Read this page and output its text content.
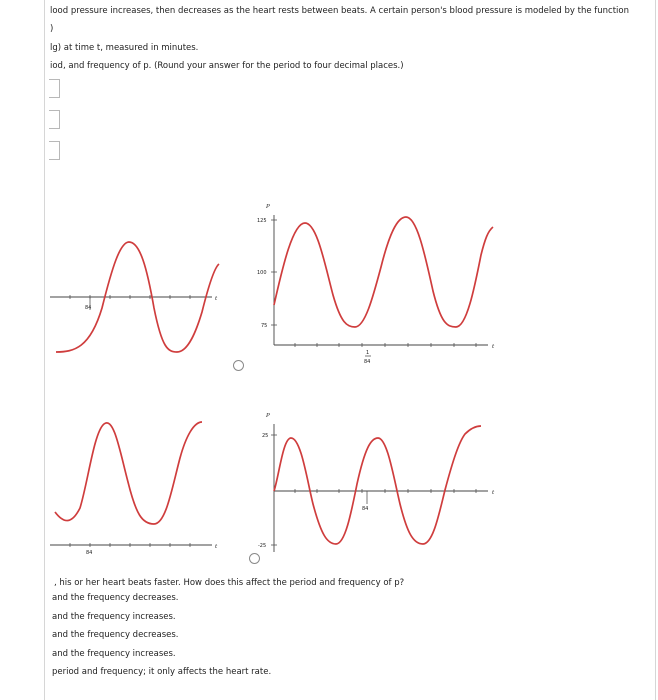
lood pressure increases, then decreases as the heart rests between beats. A certain person's blood pressure is modeled by the function
)
lg) at time t, measured in minutes.
iod, and frequency of p. (Round your answer for the period to four decimal places.)
84
t
P
t
125
100
75
1
84
84
t
P
t
25
-25
84
, his or her heart beats faster. How does this affect the period and frequency of p?
and the frequency decreases.
and the frequency increases.
and the frequency decreases.
and the frequency increases.
period and frequency; it only affects the heart rate.
